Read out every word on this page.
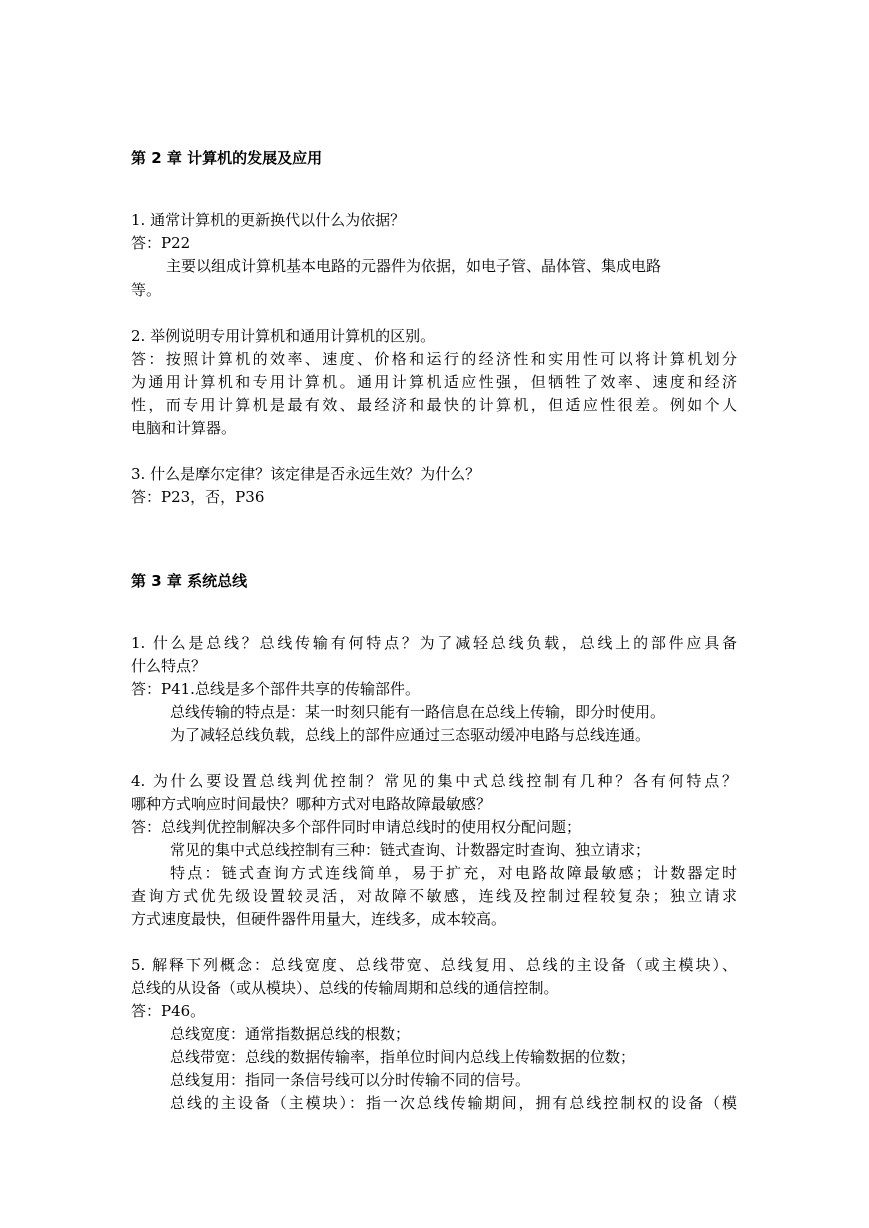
第 2 章 计算机的发展及应用
1. 通常计算机的更新换代以什么为依据？
答：P22
主要以组成计算机基本电路的元器件为依据，如电子管、晶体管、集成电路
等。
2. 举例说明专用计算机和通用计算机的区别。
答：按照计算机的效率、速度、价格和运行的经济性和实用性可以将计算机划分
为通用计算机和专用计算机。通用计算机适应性强，但牺牲了效率、速度和经济
性，而专用计算机是最有效、最经济和最快的计算机，但适应性很差。例如个人
电脑和计算器。
3. 什么是摩尔定律？该定律是否永远生效？为什么？
答：P23，否，P36
第 3 章 系统总线
1. 什么是总线？总线传输有何特点？为了减轻总线负载，总线上的部件应具备
什么特点？
答：P41.总线是多个部件共享的传输部件。
总线传输的特点是：某一时刻只能有一路信息在总线上传输，即分时使用。
为了减轻总线负载，总线上的部件应通过三态驱动缓冲电路与总线连通。
4. 为什么要设置总线判优控制？常见的集中式总线控制有几种？各有何特点？
哪种方式响应时间最快？哪种方式对电路故障最敏感？
答：总线判优控制解决多个部件同时申请总线时的使用权分配问题；
常见的集中式总线控制有三种：链式查询、计数器定时查询、独立请求；
特点：链式查询方式连线简单，易于扩充，对电路故障最敏感；计数器定时
查询方式优先级设置较灵活，对故障不敏感，连线及控制过程较复杂；独立请求
方式速度最快，但硬件器件用量大，连线多，成本较高。
5. 解释下列概念：总线宽度、总线带宽、总线复用、总线的主设备（或主模块）、
总线的从设备（或从模块）、总线的传输周期和总线的通信控制。
答：P46。
总线宽度：通常指数据总线的根数；
总线带宽：总线的数据传输率，指单位时间内总线上传输数据的位数；
总线复用：指同一条信号线可以分时传输不同的信号。
总线的主设备（主模块）：指一次总线传输期间，拥有总线控制权的设备（模
